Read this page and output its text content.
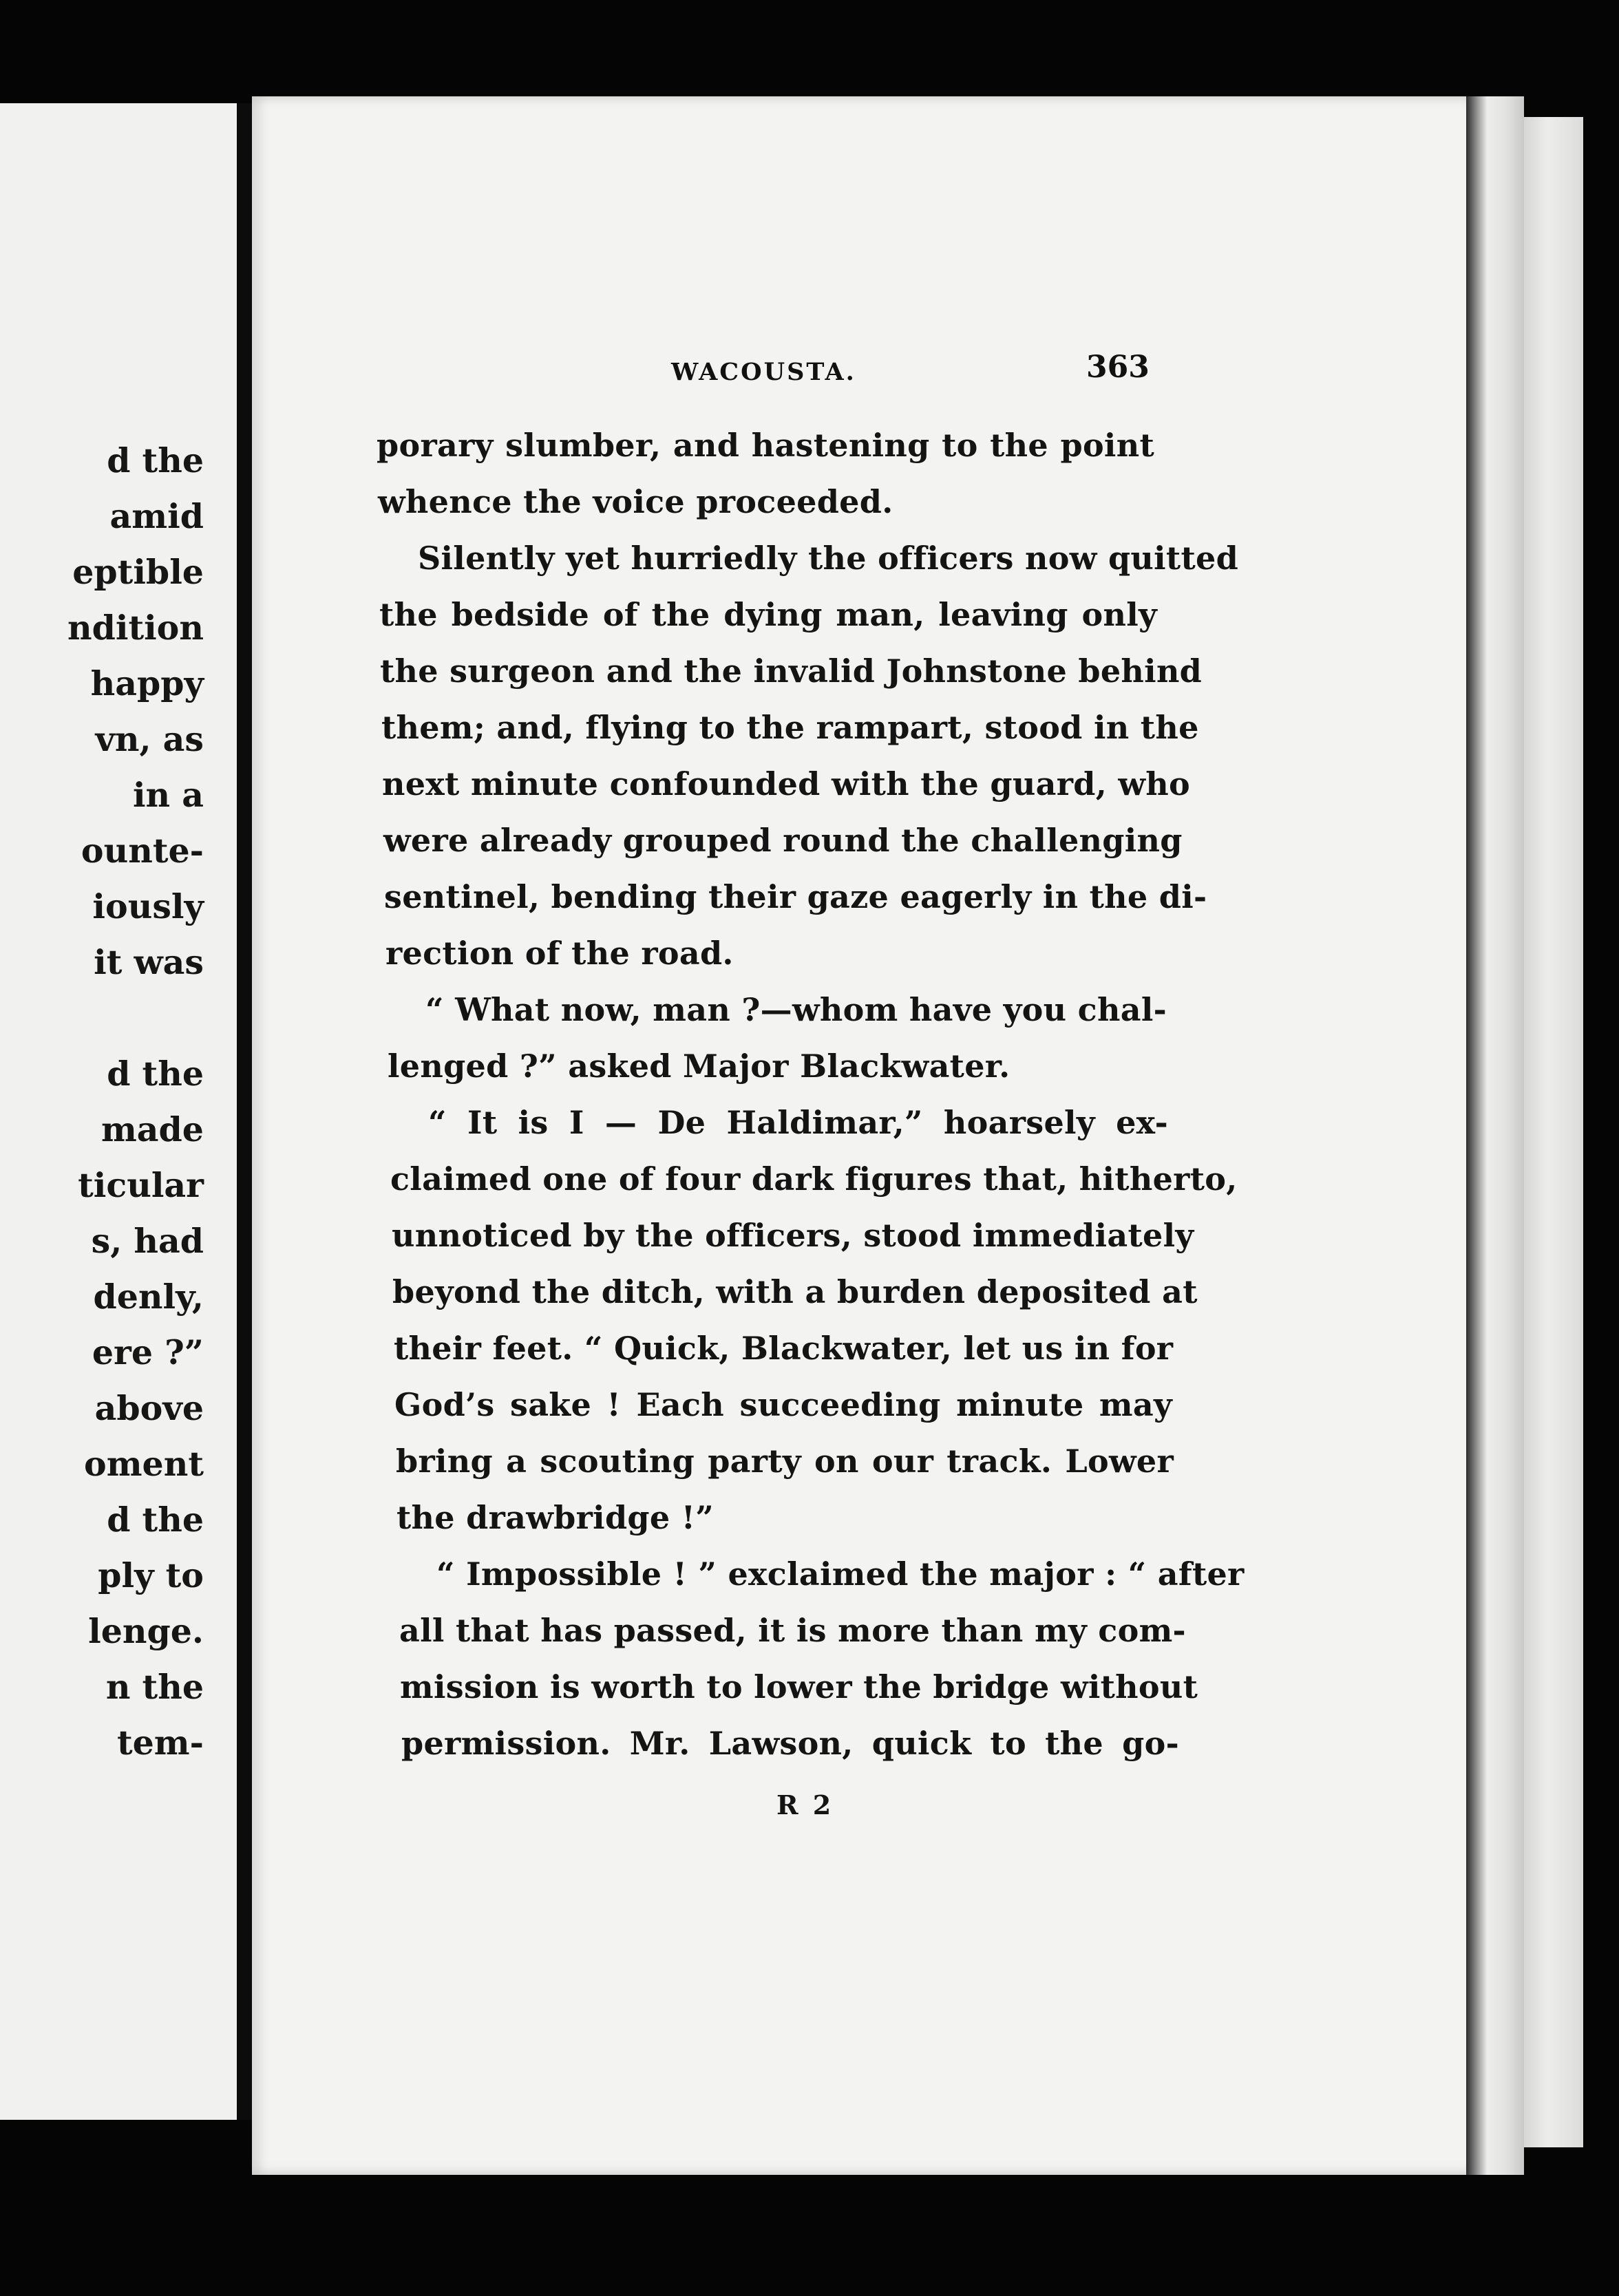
d the

amid

eptible

ndition

happy

vn, as

in a

ounte-

iously

it was

d the

made

ticular

s, had

denly,

ere ?”

above

oment

d the

ply to

lenge.

n the

tem-

WACOUSTA.	363

porary slumber, and hastening to the point

whence the voice proceeded.

Silently yet hurriedly the officers now quitted

the bedside of the dying man, leaving only

the surgeon and the invalid Johnstone behind

them; and, flying to the rampart, stood in the

next minute confounded with the guard, who

were already grouped round the challenging

sentinel, bending their gaze eagerly in the di-

rection of the road.

“ What now, man ?—whom have you chal-

lenged ?” asked Major Blackwater.

“ It is I — De Haldimar,” hoarsely ex-

claimed one of four dark figures that, hitherto,

unnoticed by the officers, stood immediately

beyond the ditch, with a burden deposited at

their feet. “ Quick, Blackwater, let us in for

God’s sake ! Each succeeding minute may

bring a scouting party on our track. Lower

the drawbridge !”

“ Impossible ! ” exclaimed the major : “ after

all that has passed, it is more than my com-

mission is worth to lower the bridge without

permission. Mr. Lawson, quick to the go-

R 2
